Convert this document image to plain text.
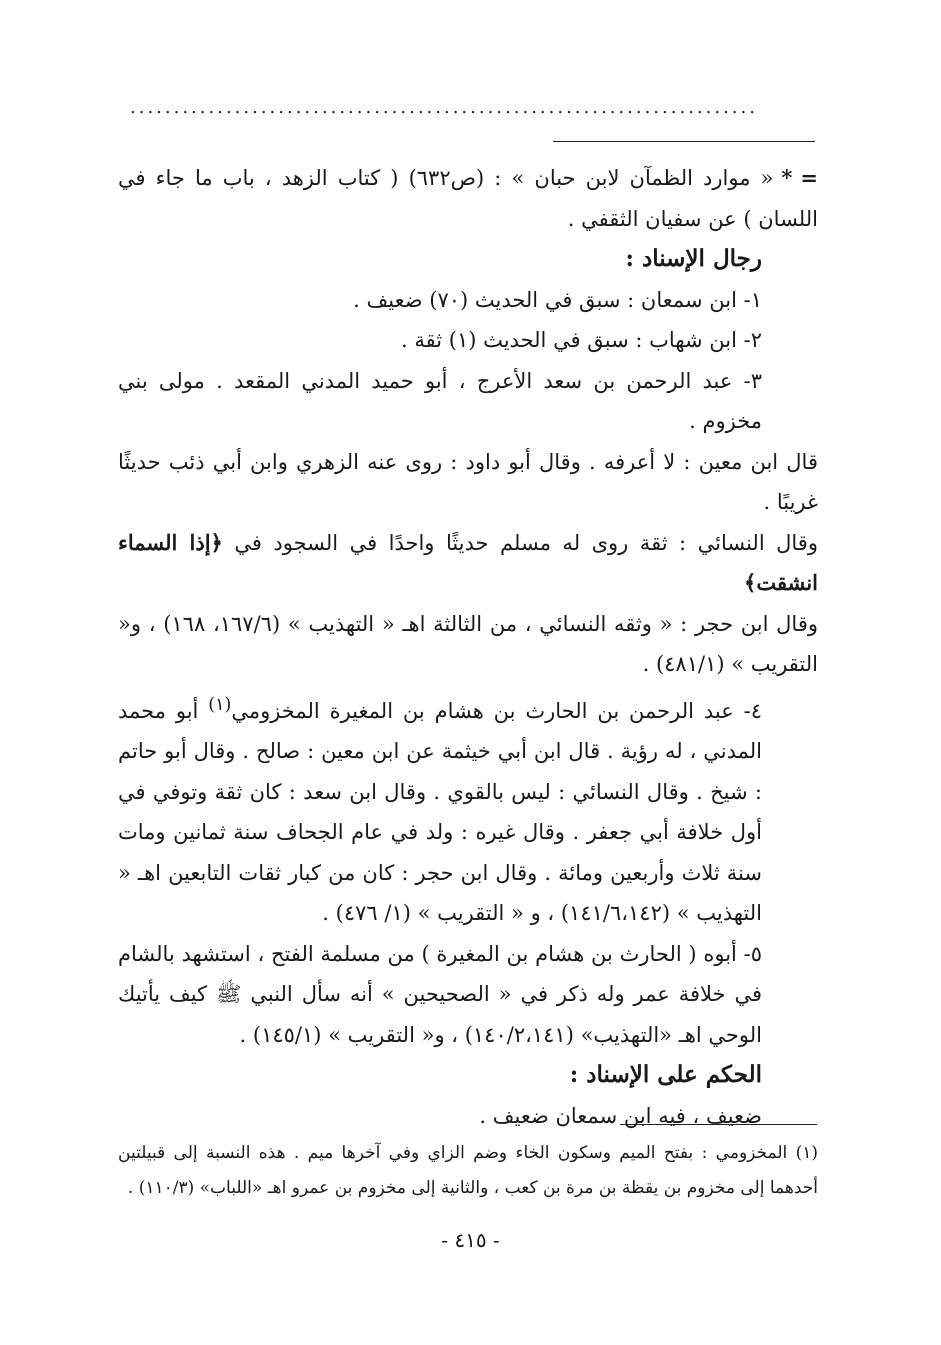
........................................................................

=*« موارد الظمآن لابن حبان » : (ص٦٣٢) ( كتاب الزهد ، باب ما جاء في اللسان ) عن سفيان الثقفي .

رجال الإسناد :

١- ابن سمعان : سبق في الحديث (٧٠) ضعيف .

٢- ابن شهاب : سبق في الحديث (١) ثقة .

٣- عبد الرحمن بن سعد الأعرج ، أبو حميد المدني المقعد . مولى بني مخزوم .

قال ابن معين : لا أعرفه . وقال أبو داود : روى عنه الزهري وابن أبي ذئب حديثًا غريبًا .

وقال النسائي : ثقة روى له مسلم حديثًا واحدًا في السجود في ﴿إذا السماء انشقت﴾

وقال ابن حجر : « وثقه النسائي ، من الثالثة اهـ « التهذيب » (١٦٧/٦، ١٦٨) ، و« التقريب » (٤٨١/١) .

٤- عبد الرحمن بن الحارث بن هشام بن المغيرة المخزومي$^{(١)}$ أبو محمد المدني ، له رؤية . قال ابن أبي خيثمة عن ابن معين : صالح . وقال أبو حاتم : شيخ . وقال النسائي : ليس بالقوي . وقال ابن سعد : كان ثقة وتوفي في أول خلافة أبي جعفر . وقال غيره : ولد في عام الجحاف سنة ثمانين ومات سنة ثلاث وأربعين ومائة . وقال ابن حجر : كان من كبار ثقات التابعين اهـ « التهذيب » (١٤١/٦،١٤٢) ، و « التقريب » (١/ ٤٧٦) .

٥- أبوه ( الحارث بن هشام بن المغيرة ) من مسلمة الفتح ، استشهد بالشام في خلافة عمر وله ذكر في « الصحيحين » أنه سأل النبي ﷺ كيف يأتيك الوحي اهـ «التهذيب» (١٤٠/٢،١٤١) ، و« التقريب » (١٤٥/١) .

الحكم على الإسناد :

ضعيف ، فيه ابن سمعان ضعيف .

(١) المخزومي : بفتح الميم وسكون الخاء وضم الزاي وفي آخرها ميم . هذه النسبة إلى قبيلتين أحدهما إلى مخزوم بن يقظة بن مرة بن كعب ، والثانية إلى مخزوم بن عمرو اهـ «اللباب» (١١٠/٣) .

- ٤١٥ -
